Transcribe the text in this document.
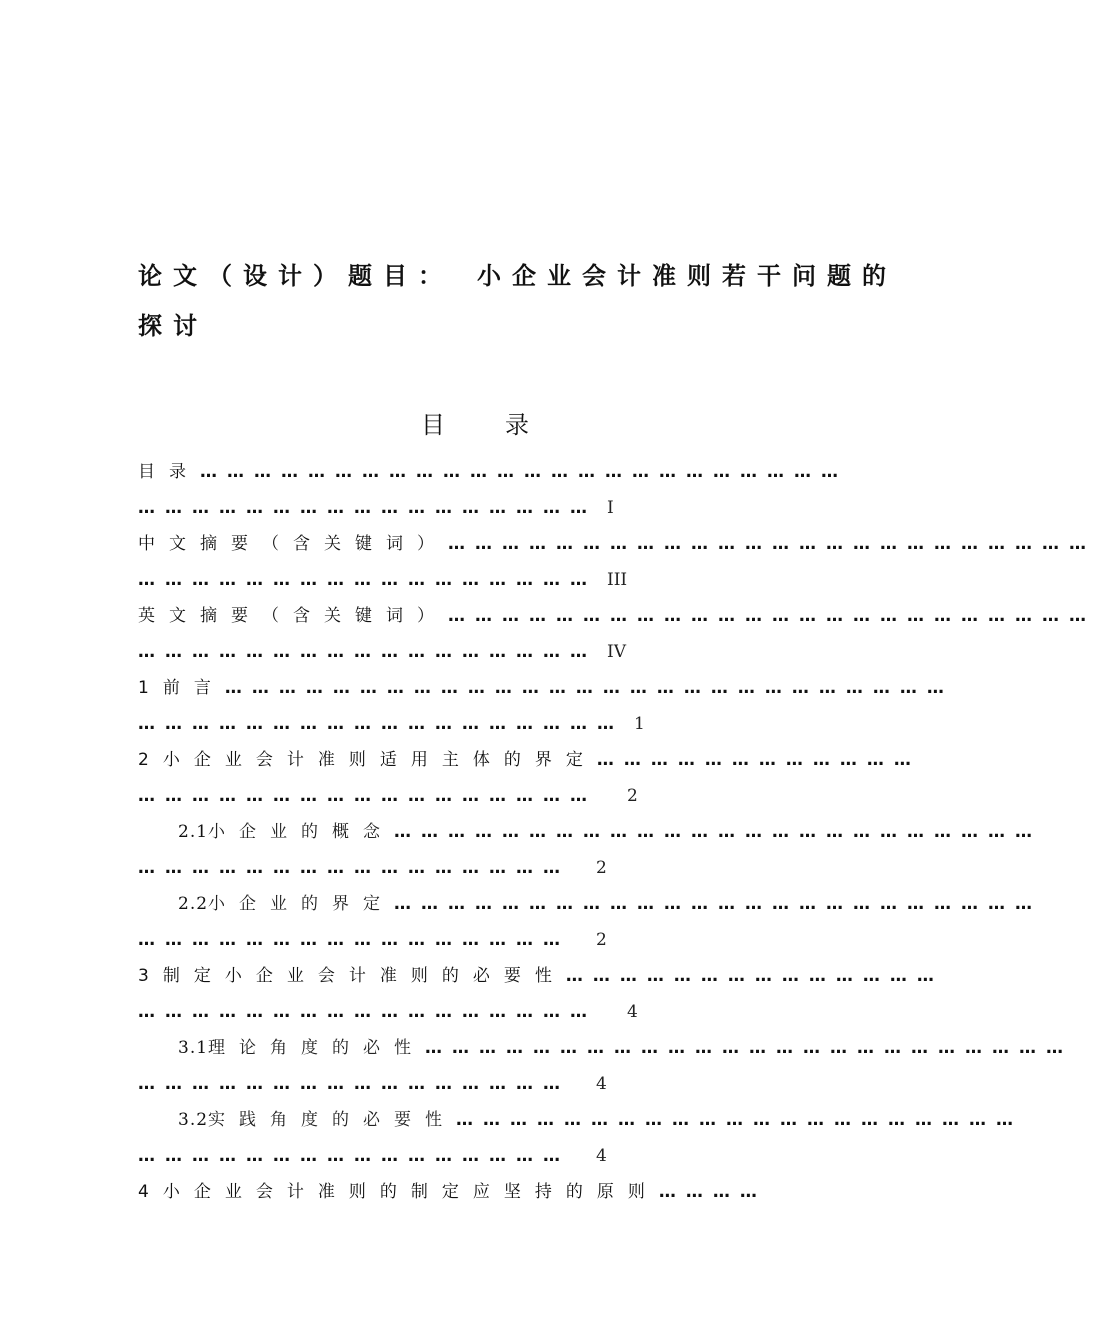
论文（设计）题目： 小企业会计准则若干问题的
探讨
目	录
目录………………………………………………………………
…………………………………………… I
中文摘要（含关键词）………………………………………………………………
…………………………………………… III
英文摘要（含关键词）………………………………………………………………
…………………………………………… IV
1前言………………………………………………………………………
……………………………………………… 1
2小企业会计准则适用主体的界定………………………………
…………………………………………… 2
2.1小企业的概念………………………………………………………………
………………………………………… 2
2.2小企业的界定………………………………………………………………
………………………………………… 2
3制定小企业会计准则的必要性……………………………………
…………………………………………… 4
3.1理论角度的必性………………………………………………………………
………………………………………… 4
3.2实践角度的必要性………………………………………………………
………………………………………… 4
4小企业会计准则的制定应坚持的原则…………
